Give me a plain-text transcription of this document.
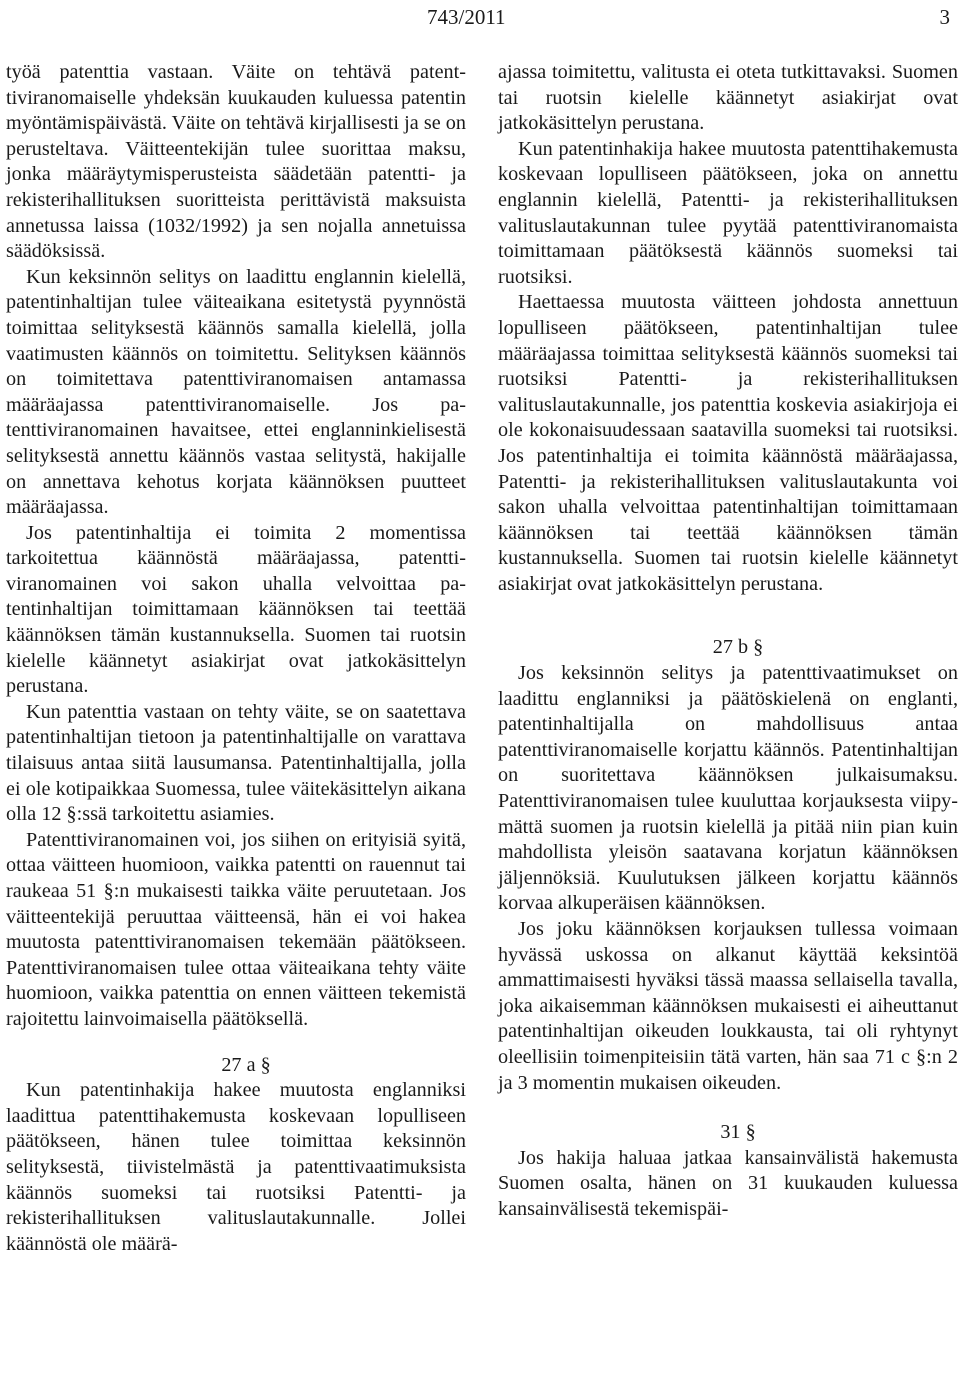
743/2011	3

työä patenttia vastaan. Väite on tehtävä patenttiviranomaiselle yhdeksän kuukauden kuluessa patentin myöntämispäivästä. Väite on tehtävä kirjallisesti ja se on perusteltava. Väitteentekijän tulee suorittaa maksu, jonka määräytymisperusteista säädetään patentti- ja rekisterihallituksen suoritteista perittävistä maksuista annetussa laissa (1032/1992) ja sen nojalla annetuissa säädöksissä.

Kun keksinnön selitys on laadittu englannin kielellä, patentinhaltijan tulee väiteaikana esitetystä pyynnöstä toimittaa selityksestä käännös samalla kielellä, jolla vaatimusten käännös on toimitettu. Selityksen käännös on toimitettava patenttiviranomaisen antamassa määräajassa patenttiviranomaiselle. Jos patenttiviranomainen havaitsee, ettei englanninkielisestä selityksestä annettu käännös vastaa selitystä, hakijalle on annettava kehotus korjata käännöksen puutteet määräajassa.

Jos patentinhaltija ei toimita 2 momentissa tarkoitettua käännöstä määräajassa, patenttiviranomainen voi sakon uhalla velvoittaa patentinhaltijan toimittamaan käännöksen tai teettää käännöksen tämän kustannuksella. Suomen tai ruotsin kielelle käännetyt asiakirjat ovat jatkokäsittelyn perustana.

Kun patenttia vastaan on tehty väite, se on saatettava patentinhaltijan tietoon ja patentinhaltijalle on varattava tilaisuus antaa siitä lausumansa. Patentinhaltijalla, jolla ei ole kotipaikkaa Suomessa, tulee väitekäsittelyn aikana olla 12 §:ssä tarkoitettu asiamies.

Patenttiviranomainen voi, jos siihen on erityisiä syitä, ottaa väitteen huomioon, vaikka patentti on rauennut tai raukeaa 51 §:n mukaisesti taikka väite peruutetaan. Jos väitteentekijä peruuttaa väitteensä, hän ei voi hakea muutosta patenttiviranomaisen tekemään päätökseen. Patenttiviranomaisen tulee ottaa väiteaikana tehty väite huomioon, vaikka patenttia on ennen väitteen tekemistä rajoitettu lainvoimaisella päätöksellä.

27 a §

Kun patentinhakija hakee muutosta englanniksi laadittua patenttihakemusta koskevaan lopulliseen päätökseen, hänen tulee toimittaa keksinnön selityksestä, tiivistelmästä ja patenttivaatimuksista käännös suomeksi tai ruotsiksi Patentti- ja rekisterihallituksen valituslautakunnalle. Jollei käännöstä ole määrä-

ajassa toimitettu, valitusta ei oteta tutkittavaksi. Suomen tai ruotsin kielelle käännetyt asiakirjat ovat jatkokäsittelyn perustana.

Kun patentinhakija hakee muutosta patenttihakemusta koskevaan lopulliseen päätökseen, joka on annettu englannin kielellä, Patentti- ja rekisterihallituksen valituslautakunnan tulee pyytää patenttiviranomaista toimittamaan päätöksestä käännös suomeksi tai ruotsiksi.

Haettaessa muutosta väitteen johdosta annettuun lopulliseen päätökseen, patentinhaltijan tulee määräajassa toimittaa selityksestä käännös suomeksi tai ruotsiksi Patentti- ja rekisterihallituksen valituslautakunnalle, jos patenttia koskevia asiakirjoja ei ole kokonaisuudessaan saatavilla suomeksi tai ruotsiksi. Jos patentinhaltija ei toimita käännöstä määräajassa, Patentti- ja rekisterihallituksen valituslautakunta voi sakon uhalla velvoittaa patentinhaltijan toimittamaan käännöksen tai teettää käännöksen tämän kustannuksella. Suomen tai ruotsin kielelle käännetyt asiakirjat ovat jatkokäsittelyn perustana.

27 b §

Jos keksinnön selitys ja patenttivaatimukset on laadittu englanniksi ja päätöskielenä on englanti, patentinhaltijalla on mahdollisuus antaa patenttiviranomaiselle korjattu käännös. Patentinhaltijan on suoritettava käännöksen julkaisumaksu. Patenttiviranomaisen tulee kuuluttaa korjauksesta viipymättä suomen ja ruotsin kielellä ja pitää niin pian kuin mahdollista yleisön saatavana korjatun käännöksen jäljennöksiä. Kuulutuksen jälkeen korjattu käännös korvaa alkuperäisen käännöksen.

Jos joku käännöksen korjauksen tullessa voimaan hyvässä uskossa on alkanut käyttää keksintöä ammattimaisesti hyväksi tässä maassa sellaisella tavalla, joka aikaisemman käännöksen mukaisesti ei aiheuttanut patentinhaltijan oikeuden loukkausta, tai oli ryhtynyt oleellisiin toimenpiteisiin tätä varten, hän saa 71 c §:n 2 ja 3 momentin mukaisen oikeuden.

31 §

Jos hakija haluaa jatkaa kansainvälistä hakemusta Suomen osalta, hänen on 31 kuukauden kuluessa kansainvälisestä tekemispäi-
